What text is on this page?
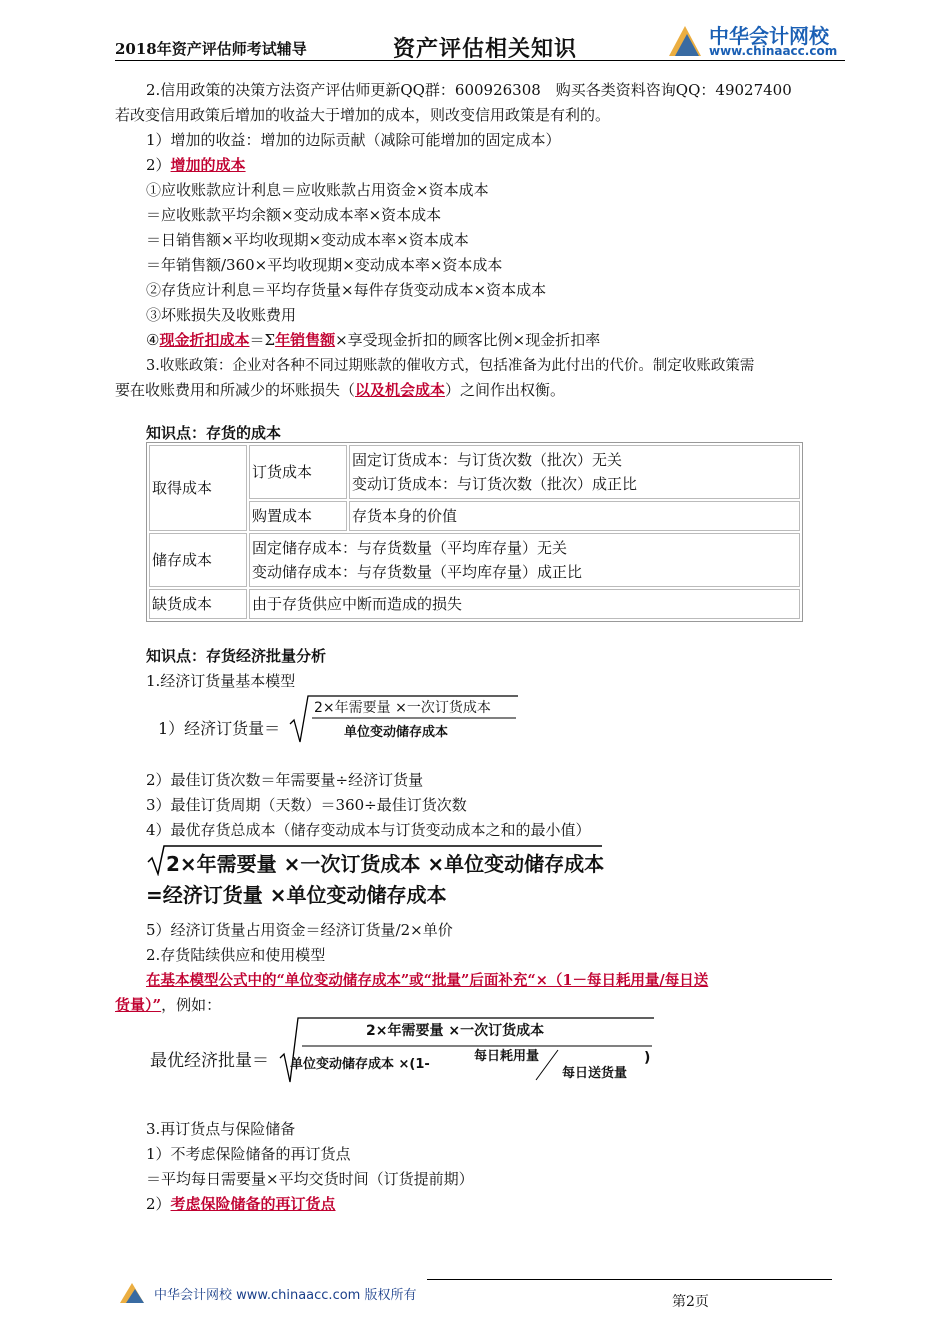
2018年资产评估师考试辅导	资产评估相关知识	中华会计网校
www.chinaacc.com
2.信用政策的决策方法资产评估师更新QQ群：600926308　购买各类资料咨询QQ：49027400
若改变信用政策后增加的收益大于增加的成本，则改变信用政策是有利的。
1）增加的收益：增加的边际贡献（减除可能增加的固定成本）
2）增加的成本
①应收账款应计利息＝应收账款占用资金×资本成本
＝应收账款平均余额×变动成本率×资本成本
＝日销售额×平均收现期×变动成本率×资本成本
＝年销售额/360×平均收现期×变动成本率×资本成本
②存货应计利息＝平均存货量×每件存货变动成本×资本成本
③坏账损失及收账费用
④现金折扣成本＝Σ年销售额×享受现金折扣的顾客比例×现金折扣率
3.收账政策：企业对各种不同过期账款的催收方式，包括准备为此付出的代价。制定收账政策需
要在收账费用和所减少的坏账损失（以及机会成本）之间作出权衡。
知识点：存货的成本
取得成本	订货成本	固定订货成本：与订货次数（批次）无关
变动订货成本：与订货次数（批次）成正比

	购置成本	存货本身的价值
储存成本	固定储存成本：与存货数量（平均库存量）无关
变动储存成本：与存货数量（平均库存量）成正比	

缺货成本	由于存货供应中断而造成的损失	
知识点：存货经济批量分析
1.经济订货量基本模型
1）经济订货量＝
2×年需要量 ×一次订货成本
单位变动储存成本
2）最佳订货次数＝年需要量÷经济订货量
3）最佳订货周期（天数）＝360÷最佳订货次数
4）最优存货总成本（储存变动成本与订货变动成本之和的最小值）
2×年需要量 ×一次订货成本 ×单位变动储存成本
=经济订货量 ×单位变动储存成本
5）经济订货量占用资金＝经济订货量/2×单价
2.存货陆续供应和使用模型
在基本模型公式中的“单位变动储存成本”或“批量”后面补充“×（1－每日耗用量/每日送
货量）”，例如：
最优经济批量＝
2×年需要量 ×一次订货成本
单位变动储存成本 ×(1-
每日耗用量
每日送货量
)
3.再订货点与保险储备
1）不考虑保险储备的再订货点
＝平均每日需要量×平均交货时间（订货提前期）
2）考虑保险储备的再订货点
中华会计网校 www.chinaacc.com 版权所有	第2页
